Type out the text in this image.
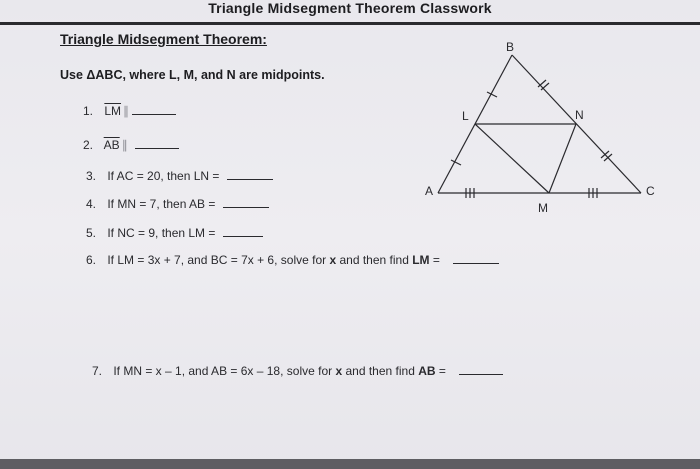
Triangle Midsegment Theorem Classwork
Triangle Midsegment Theorem:
Use ΔABC, where L, M, and N are midpoints.
1. $\overline{LM}$ ∥
2. $\overline{AB}$ ∥
3. If AC = 20, then LN =
4. If MN = 7, then AB =
5. If NC = 9, then LM =
6. If LM = 3x + 7, and BC = 7x + 6, solve for x and then find LM =
7. If MN = x – 1, and AB = 6x – 18, solve for x and then find AB =
B
A	C
L	N
M
